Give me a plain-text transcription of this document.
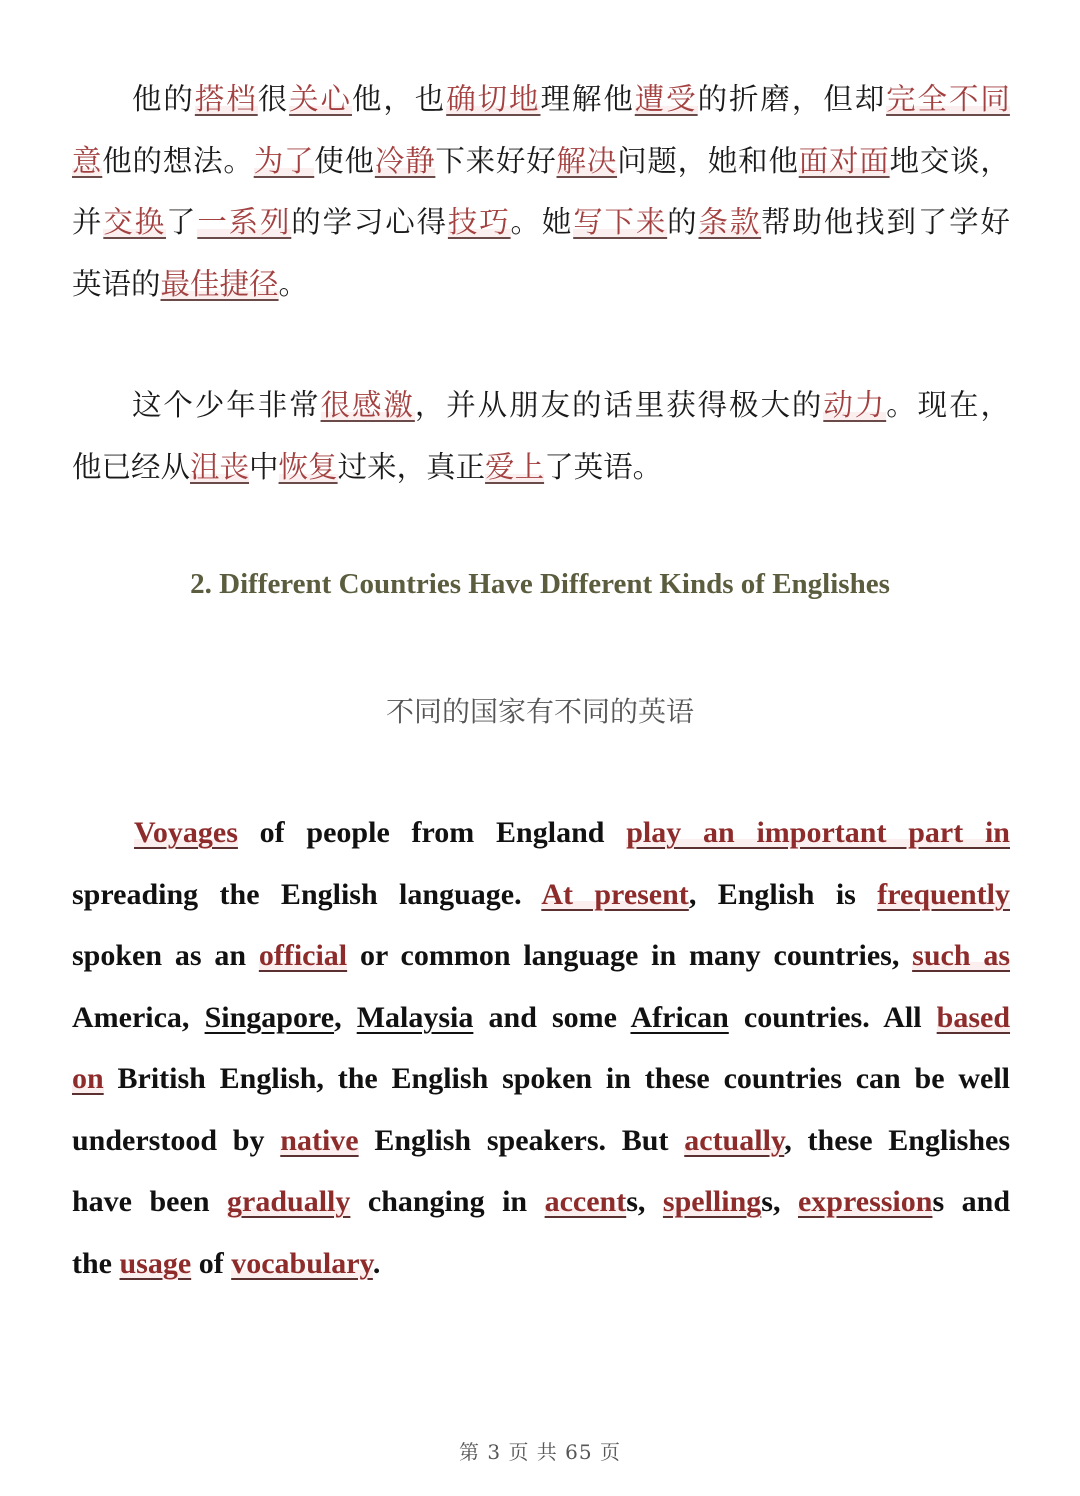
他的搭档很关心他，也确切地理解他遭受的折磨，但却完全不同
意他的想法。为了使他冷静下来好好解决问题，她和他面对面地交谈，
并交换了一系列的学习心得技巧。她写下来的条款帮助他找到了学好
英语的最佳捷径。
这个少年非常很感激，并从朋友的话里获得极大的动力。现在，
他已经从沮丧中恢复过来，真正爱上了英语。
2. Different Countries Have Different Kinds of Englishes
不同的国家有不同的英语
Voyages of people from England play an important part in
spreading the English language. At present, English is frequently
spoken as an official or common language in many countries, such as
America, Singapore, Malaysia and some African countries. All based
on British English, the English spoken in these countries can be well
understood by native English speakers. But actually, these Englishes
have been gradually changing in accents, spellings, expressions and
the usage of vocabulary.
第 3 页 共 65 页
